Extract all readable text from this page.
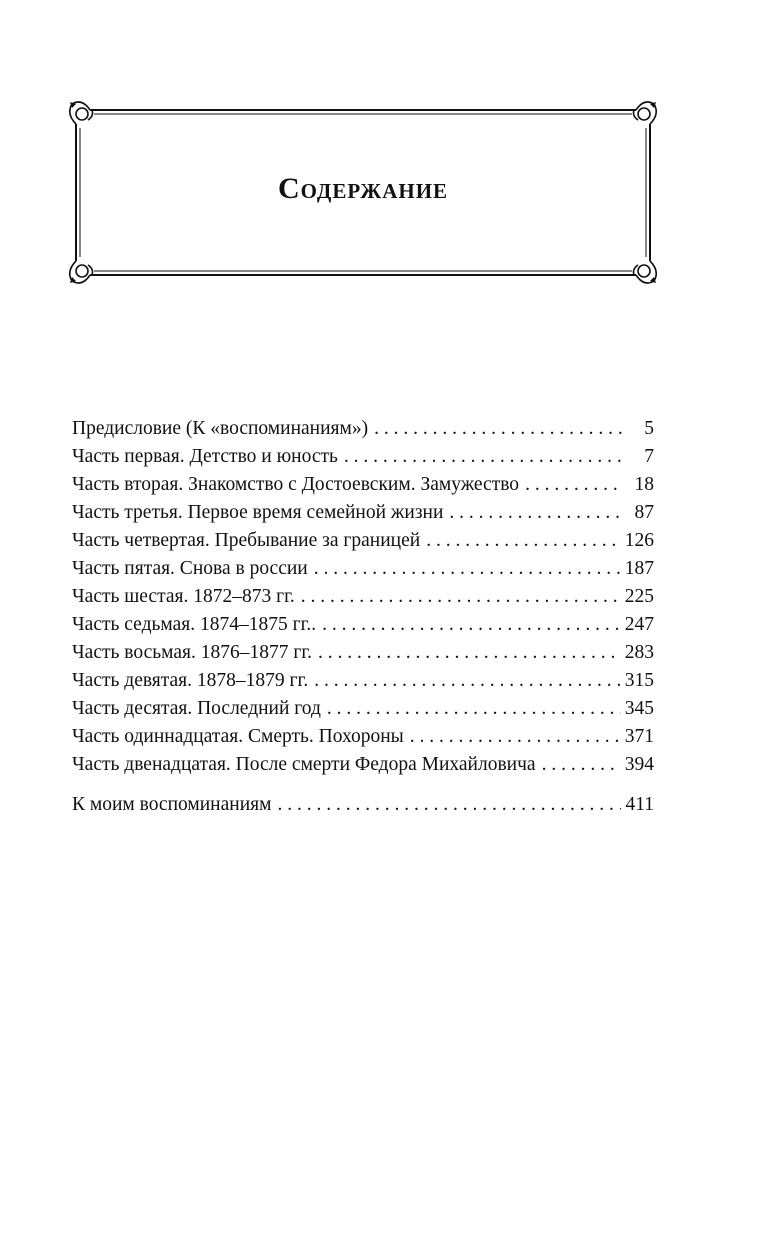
Содержание
Предисловие (К «воспоминаниям») . . .	5
Часть первая. Детство и юность . . .	7
Часть вторая. Знакомство с Достоевским. Замужество . . .	18
Часть третья. Первое время семейной жизни . . .	87
Часть четвертая. Пребывание за границей . . .	126
Часть пятая. Снова в россии . . .	187
Часть шестая. 1872–873 гг. . . .	225
Часть седьмая. 1874–1875 гг.. . . .	247
Часть восьмая. 1876–1877 гг. . . .	283
Часть девятая. 1878–1879 гг. . . .	315
Часть десятая. Последний год . . .	345
Часть одиннадцатая. Смерть. Похороны . . .	371
Часть двенадцатая. После смерти Федора Михайловича . . .	394
К моим воспоминаниям . . .	411
